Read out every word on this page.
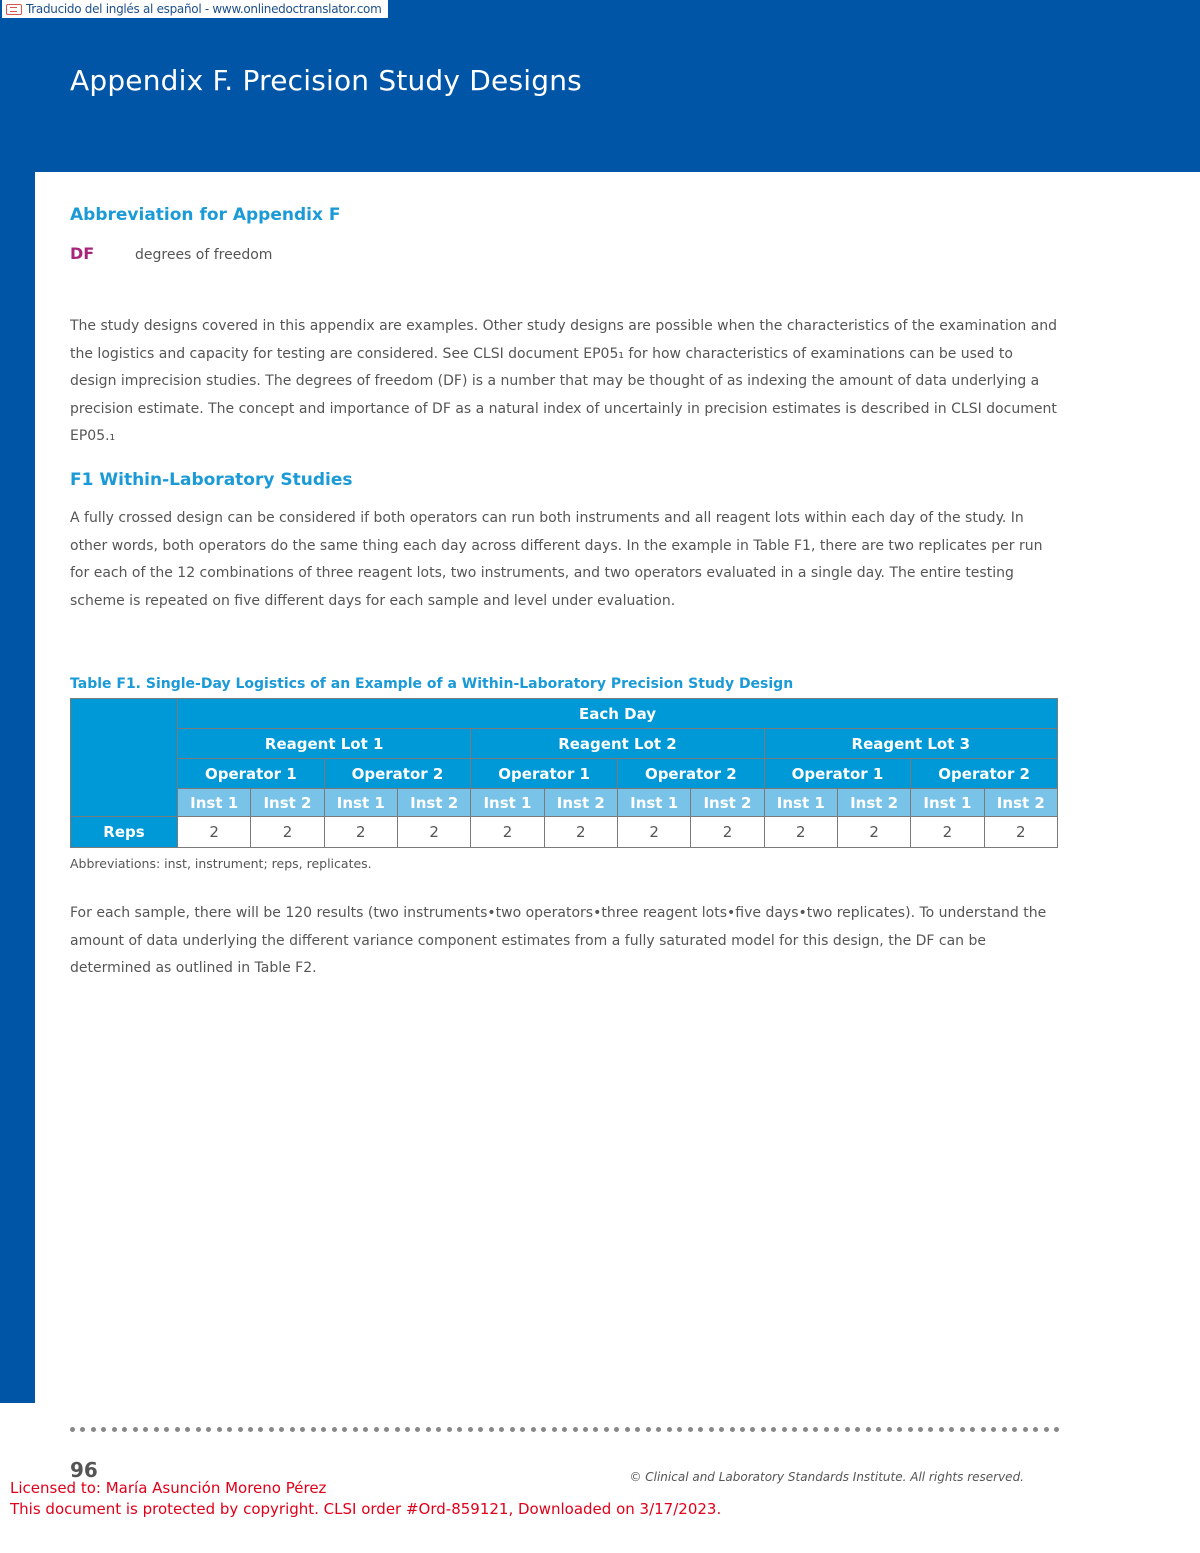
Traducido del inglés al español - www.onlinedoctranslator.com
Appendix F. Precision Study Designs
Abbreviation for Appendix F
DF	degrees of freedom

The study designs covered in this appendix are examples. Other study designs are possible when the characteristics of the examination and the logistics and capacity for testing are considered. See CLSI document EP05₁ for how characteristics of examinations can be used to design imprecision studies. The degrees of freedom (DF) is a number that may be thought of as indexing the amount of data underlying a precision estimate. The concept and importance of DF as a natural index of uncertainly in precision estimates is described in CLSI document EP05.₁

F1 Within-Laboratory Studies

A fully crossed design can be considered if both operators can run both instruments and all reagent lots within each day of the study. In other words, both operators do the same thing each day across different days. In the example in Table F1, there are two replicates per run for each of the 12 combinations of three reagent lots, two instruments, and two operators evaluated in a single day. The entire testing scheme is repeated on five different days for each sample and level under evaluation.

Table F1. Single-Day Logistics of an Example of a Within-Laboratory Precision Study Design

	Each Day											
	Reagent Lot 1				Reagent Lot 2				Reagent Lot 3			
	Operator 1		Operator 2		Operator 1		Operator 2		Operator 1		Operator 2	
	Inst 1	Inst 2	Inst 1	Inst 2	Inst 1	Inst 2	Inst 1	Inst 2	Inst 1	Inst 2	Inst 1	Inst 2
Reps	2	2	2	2	2	2	2	2	2	2	2	2

Abbreviations: inst, instrument; reps, replicates.

For each sample, there will be 120 results (two instruments•two operators•three reagent lots•five days•two replicates). To understand the amount of data underlying the different variance component estimates from a fully saturated model for this design, the DF can be determined as outlined in Table F2.

96	© Clinical and Laboratory Standards Institute. All rights reserved.

Licensed to: María Asunción Moreno Pérez
This document is protected by copyright. CLSI order #Ord-859121, Downloaded on 3/17/2023.
